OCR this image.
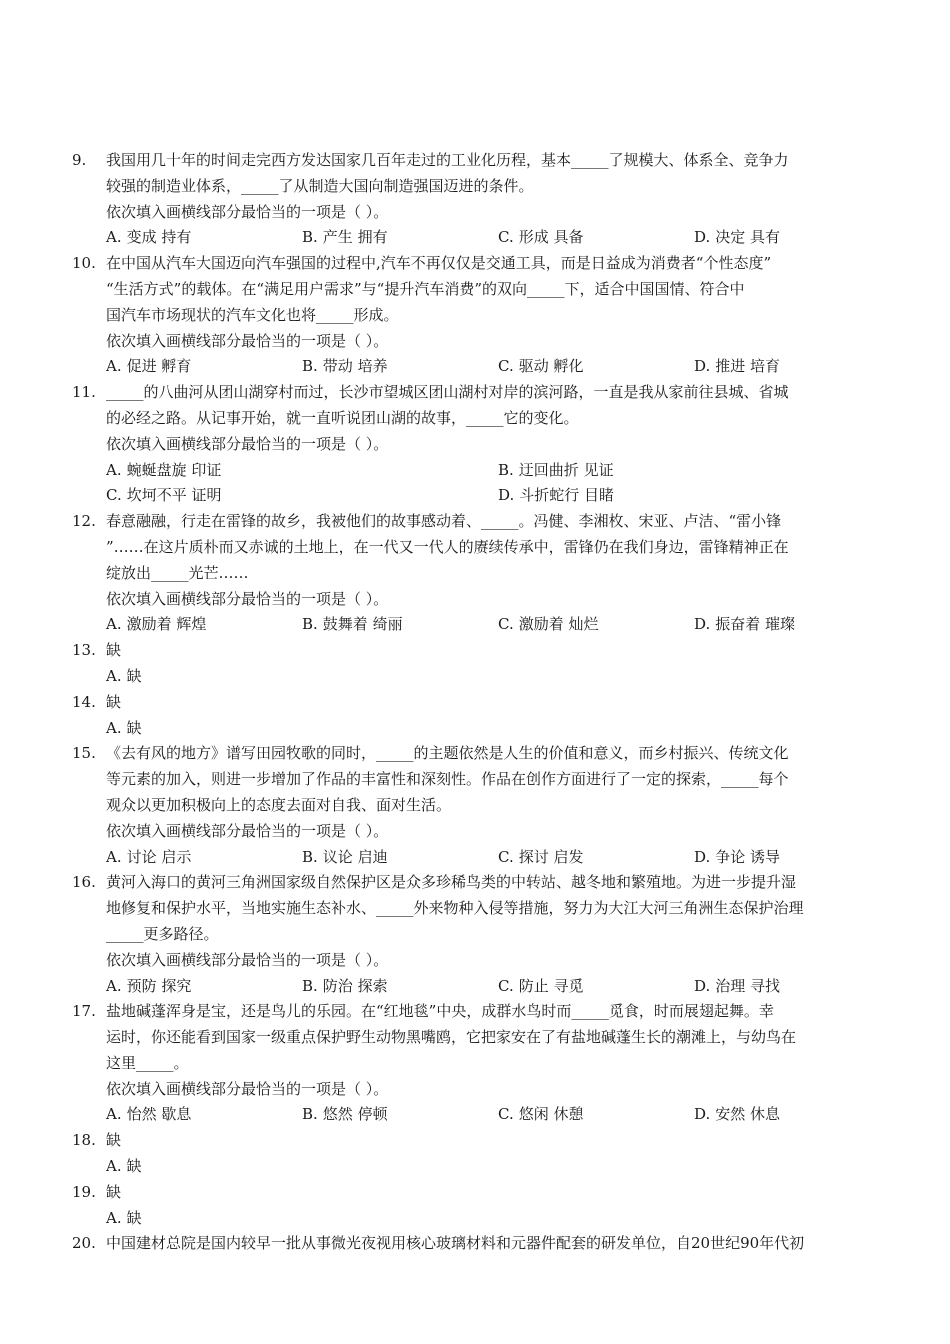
9.	我国用几十年的时间走完西方发达国家几百年走过的工业化历程，基本_____了规模大、体系全、竞争力
较强的制造业体系，_____了从制造大国向制造强国迈进的条件。
依次填入画横线部分最恰当的一项是（ ）。
A. 变成 持有	B. 产生 拥有	C. 形成 具备	D. 决定 具有
10. 在中国从汽车大国迈向汽车强国的过程中,汽车不再仅仅是交通工具，而是日益成为消费者“个性态度”
“生活方式”的载体。在“满足用户需求”与“提升汽车消费”的双向_____下，适合中国国情、符合中
国汽车市场现状的汽车文化也将_____形成。
依次填入画横线部分最恰当的一项是（ ）。
A. 促进 孵育	B. 带动 培养	C. 驱动 孵化	D. 推进 培育
11. _____的八曲河从团山湖穿村而过，长沙市望城区团山湖村对岸的滨河路，一直是我从家前往县城、省城
的必经之路。从记事开始，就一直听说团山湖的故事，_____它的变化。
依次填入画横线部分最恰当的一项是（ ）。
A. 蜿蜒盘旋 印证	B. 迂回曲折 见证
C. 坎坷不平 证明	D. 斗折蛇行 目睹
12. 春意融融，行走在雷锋的故乡，我被他们的故事感动着、_____。冯健、李湘枚、宋亚、卢洁、“雷小锋
”……在这片质朴而又赤诚的土地上，在一代又一代人的赓续传承中，雷锋仍在我们身边，雷锋精神正在
绽放出_____光芒……
依次填入画横线部分最恰当的一项是（ ）。
A. 激励着 辉煌	B. 鼓舞着 绮丽	C. 激励着 灿烂	D. 振奋着 璀璨
13. 缺
A. 缺
14. 缺
A. 缺
15. 《去有风的地方》谱写田园牧歌的同时，_____的主题依然是人生的价值和意义，而乡村振兴、传统文化
等元素的加入，则进一步增加了作品的丰富性和深刻性。作品在创作方面进行了一定的探索，_____每个
观众以更加积极向上的态度去面对自我、面对生活。
依次填入画横线部分最恰当的一项是（ ）。
A. 讨论 启示	B. 议论 启迪	C. 探讨 启发	D. 争论 诱导
16. 黄河入海口的黄河三角洲国家级自然保护区是众多珍稀鸟类的中转站、越冬地和繁殖地。为进一步提升湿
地修复和保护水平，当地实施生态补水、_____外来物种入侵等措施，努力为大江大河三角洲生态保护治理
_____更多路径。
依次填入画横线部分最恰当的一项是（ ）。
A. 预防 探究	B. 防治 探索	C. 防止 寻觅	D. 治理 寻找
17. 盐地碱蓬浑身是宝，还是鸟儿的乐园。在“红地毯”中央，成群水鸟时而_____觅食，时而展翅起舞。幸
运时，你还能看到国家一级重点保护野生动物黑嘴鸥，它把家安在了有盐地碱蓬生长的潮滩上，与幼鸟在
这里_____。
依次填入画横线部分最恰当的一项是（ ）。
A. 怡然 歇息	B. 悠然 停顿	C. 悠闲 休憩	D. 安然 休息
18. 缺
A. 缺
19. 缺
A. 缺
20. 中国建材总院是国内较早一批从事微光夜视用核心玻璃材料和元器件配套的研发单位，自20世纪90年代初
